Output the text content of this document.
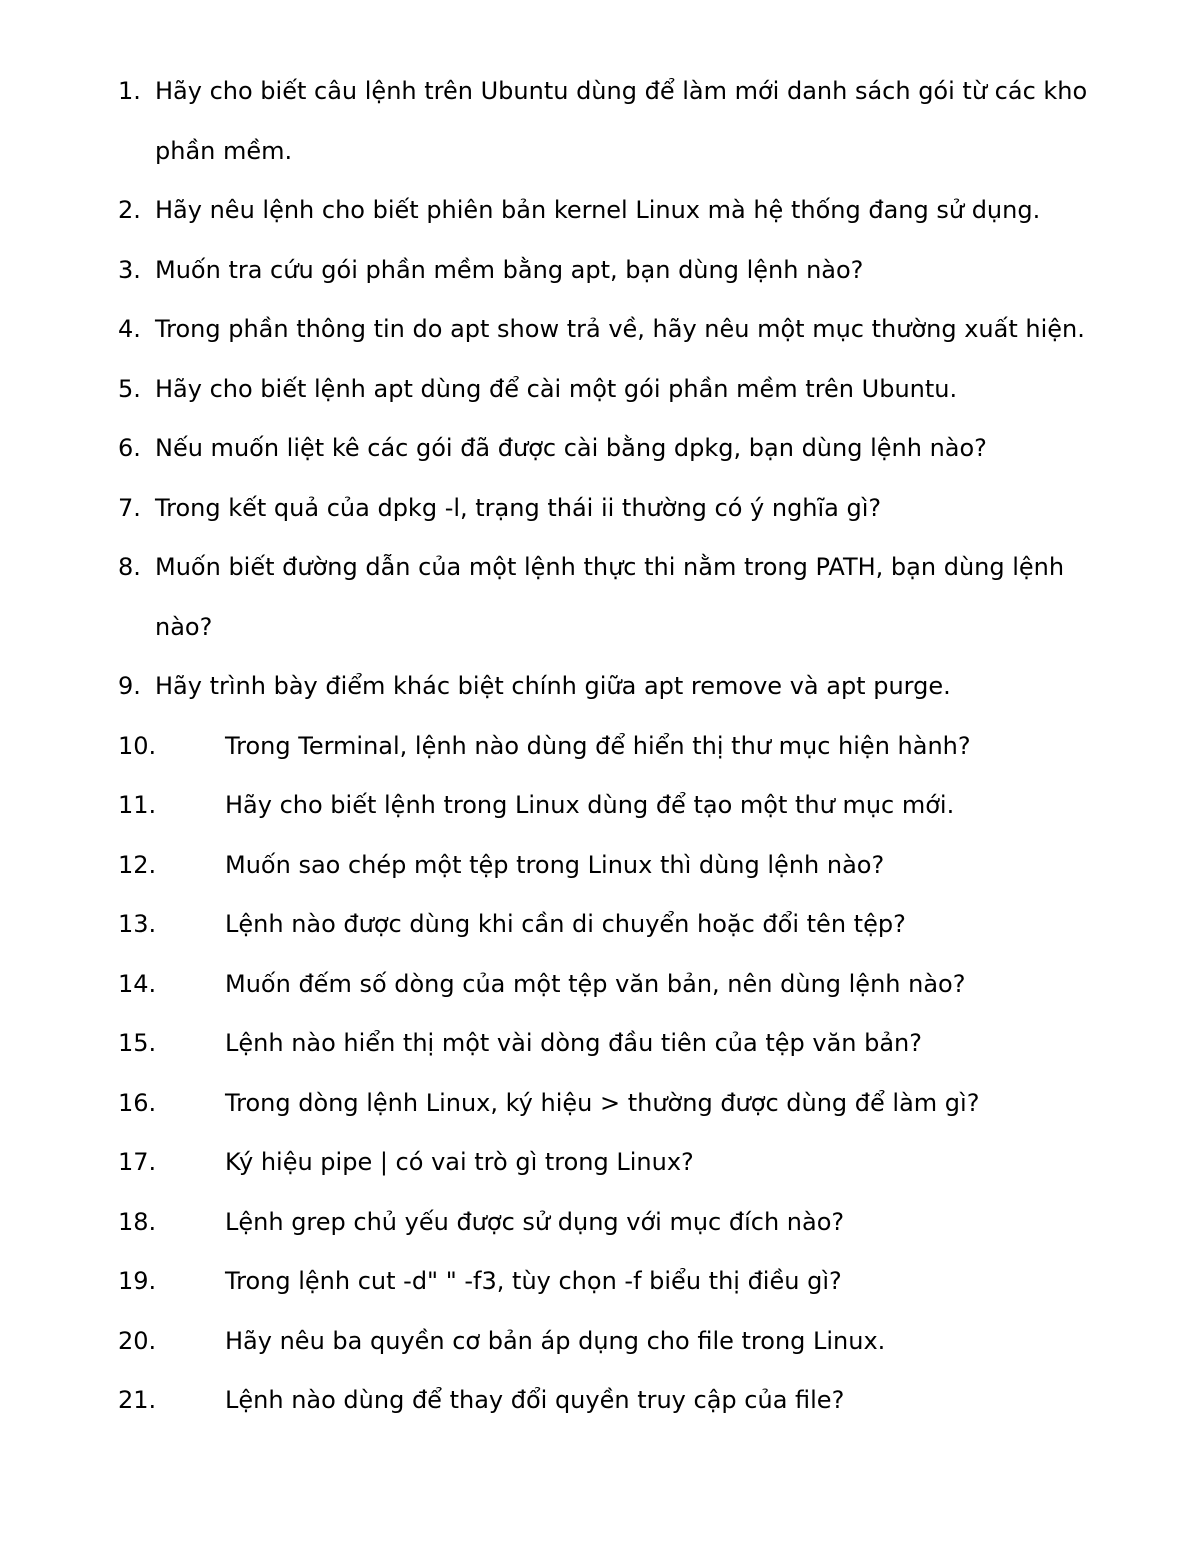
1. Hãy cho biết câu lệnh trên Ubuntu dùng để làm mới danh sách gói từ các kho phần mềm.
2. Hãy nêu lệnh cho biết phiên bản kernel Linux mà hệ thống đang sử dụng.
3. Muốn tra cứu gói phần mềm bằng apt, bạn dùng lệnh nào?
4. Trong phần thông tin do apt show trả về, hãy nêu một mục thường xuất hiện.
5. Hãy cho biết lệnh apt dùng để cài một gói phần mềm trên Ubuntu.
6. Nếu muốn liệt kê các gói đã được cài bằng dpkg, bạn dùng lệnh nào?
7. Trong kết quả của dpkg -l, trạng thái ii thường có ý nghĩa gì?
8. Muốn biết đường dẫn của một lệnh thực thi nằm trong PATH, bạn dùng lệnh nào?
9. Hãy trình bày điểm khác biệt chính giữa apt remove và apt purge.
10.	Trong Terminal, lệnh nào dùng để hiển thị thư mục hiện hành?
11.	Hãy cho biết lệnh trong Linux dùng để tạo một thư mục mới.
12.	Muốn sao chép một tệp trong Linux thì dùng lệnh nào?
13.	Lệnh nào được dùng khi cần di chuyển hoặc đổi tên tệp?
14.	Muốn đếm số dòng của một tệp văn bản, nên dùng lệnh nào?
15.	Lệnh nào hiển thị một vài dòng đầu tiên của tệp văn bản?
16.	Trong dòng lệnh Linux, ký hiệu > thường được dùng để làm gì?
17.	Ký hiệu pipe | có vai trò gì trong Linux?
18.	Lệnh grep chủ yếu được sử dụng với mục đích nào?
19.	Trong lệnh cut -d" " -f3, tùy chọn -f biểu thị điều gì?
20.	Hãy nêu ba quyền cơ bản áp dụng cho file trong Linux.
21.	Lệnh nào dùng để thay đổi quyền truy cập của file?
